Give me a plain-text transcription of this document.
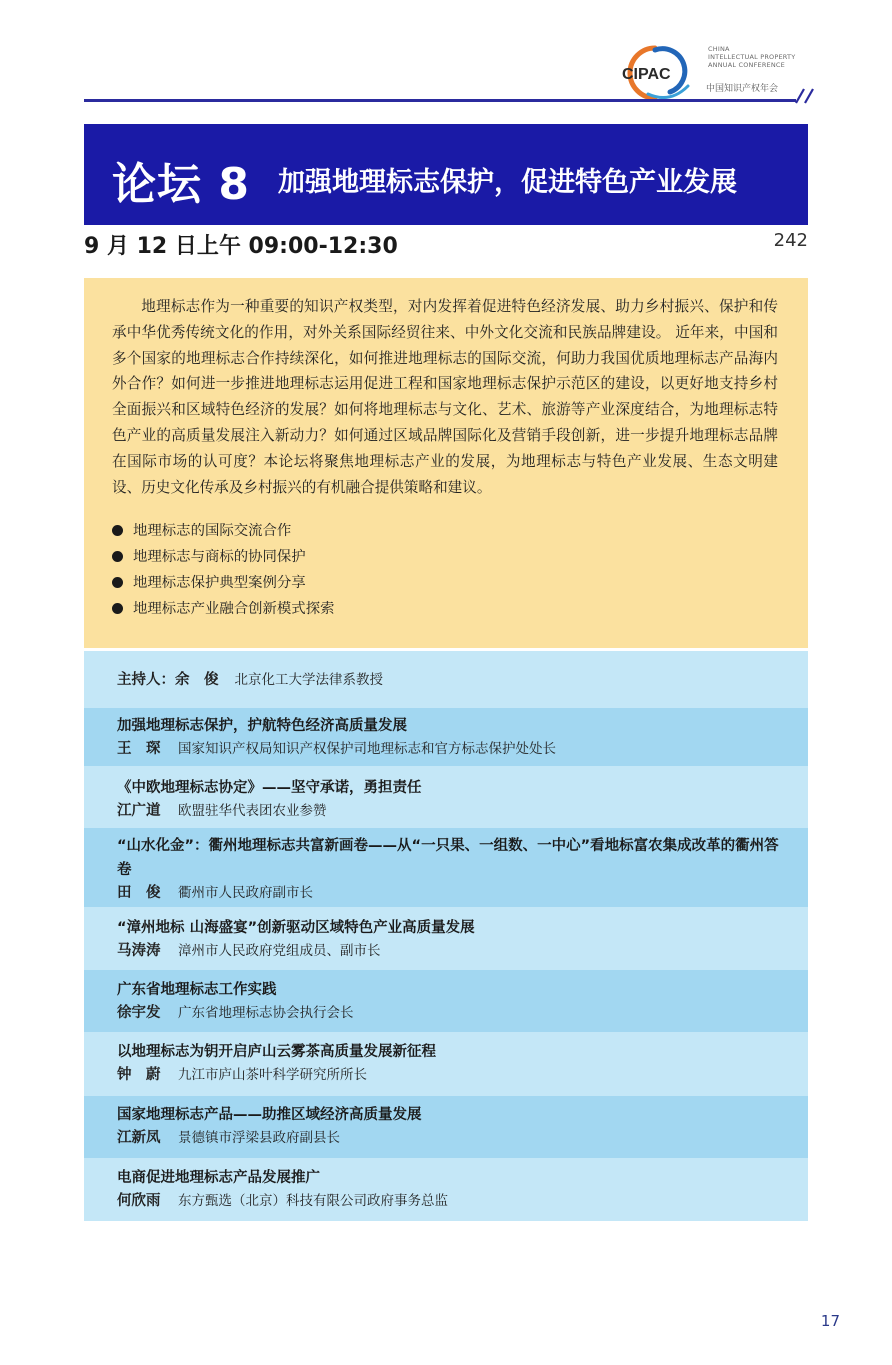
CIPAC
CHINA
INTELLECTUAL PROPERTY
ANNUAL CONFERENCE
中国知识产权年会
论坛 8 加强地理标志保护，促进特色产业发展
9 月 12 日上午 09:00-12:30	242

地理标志作为一种重要的知识产权类型，对内发挥着促进特色经济发展、助力乡村振兴、保护和传承中华优秀传统文化的作用，对外关系国际经贸往来、中外文化交流和民族品牌建设。 近年来，中国和多个国家的地理标志合作持续深化，如何推进地理标志的国际交流，何助力我国优质地理标志产品海内外合作？如何进一步推进地理标志运用促进工程和国家地理标志保护示范区的建设，以更好地支持乡村全面振兴和区域特色经济的发展？如何将地理标志与文化、艺术、旅游等产业深度结合，为地理标志特色产业的高质量发展注入新动力？如何通过区域品牌国际化及营销手段创新，进一步提升地理标志品牌在国际市场的认可度？本论坛将聚焦地理标志产业的发展，为地理标志与特色产业发展、生态文明建设、历史文化传承及乡村振兴的有机融合提供策略和建议。

地理标志的国际交流合作
地理标志与商标的协同保护
地理标志保护典型案例分享
地理标志产业融合创新模式探索
主持人：余　俊 北京化工大学法律系教授
加强地理标志保护，护航特色经济高质量发展
王　琛 国家知识产权局知识产权保护司地理标志和官方标志保护处处长
《中欧地理标志协定》——坚守承诺，勇担责任
江广道 欧盟驻华代表团农业参赞
“山水化金”：衢州地理标志共富新画卷——从“一只果、一组数、一中心”看地标富农集成改革的衢州答卷
田　俊 衢州市人民政府副市长
“漳州地标 山海盛宴”创新驱动区域特色产业高质量发展
马涛涛 漳州市人民政府党组成员、副市长
广东省地理标志工作实践
徐宇发 广东省地理标志协会执行会长
以地理标志为钥开启庐山云雾茶高质量发展新征程
钟　蔚 九江市庐山茶叶科学研究所所长
国家地理标志产品——助推区域经济高质量发展
江新凤 景德镇市浮梁县政府副县长
电商促进地理标志产品发展推广
何欣雨 东方甄选（北京）科技有限公司政府事务总监
17
